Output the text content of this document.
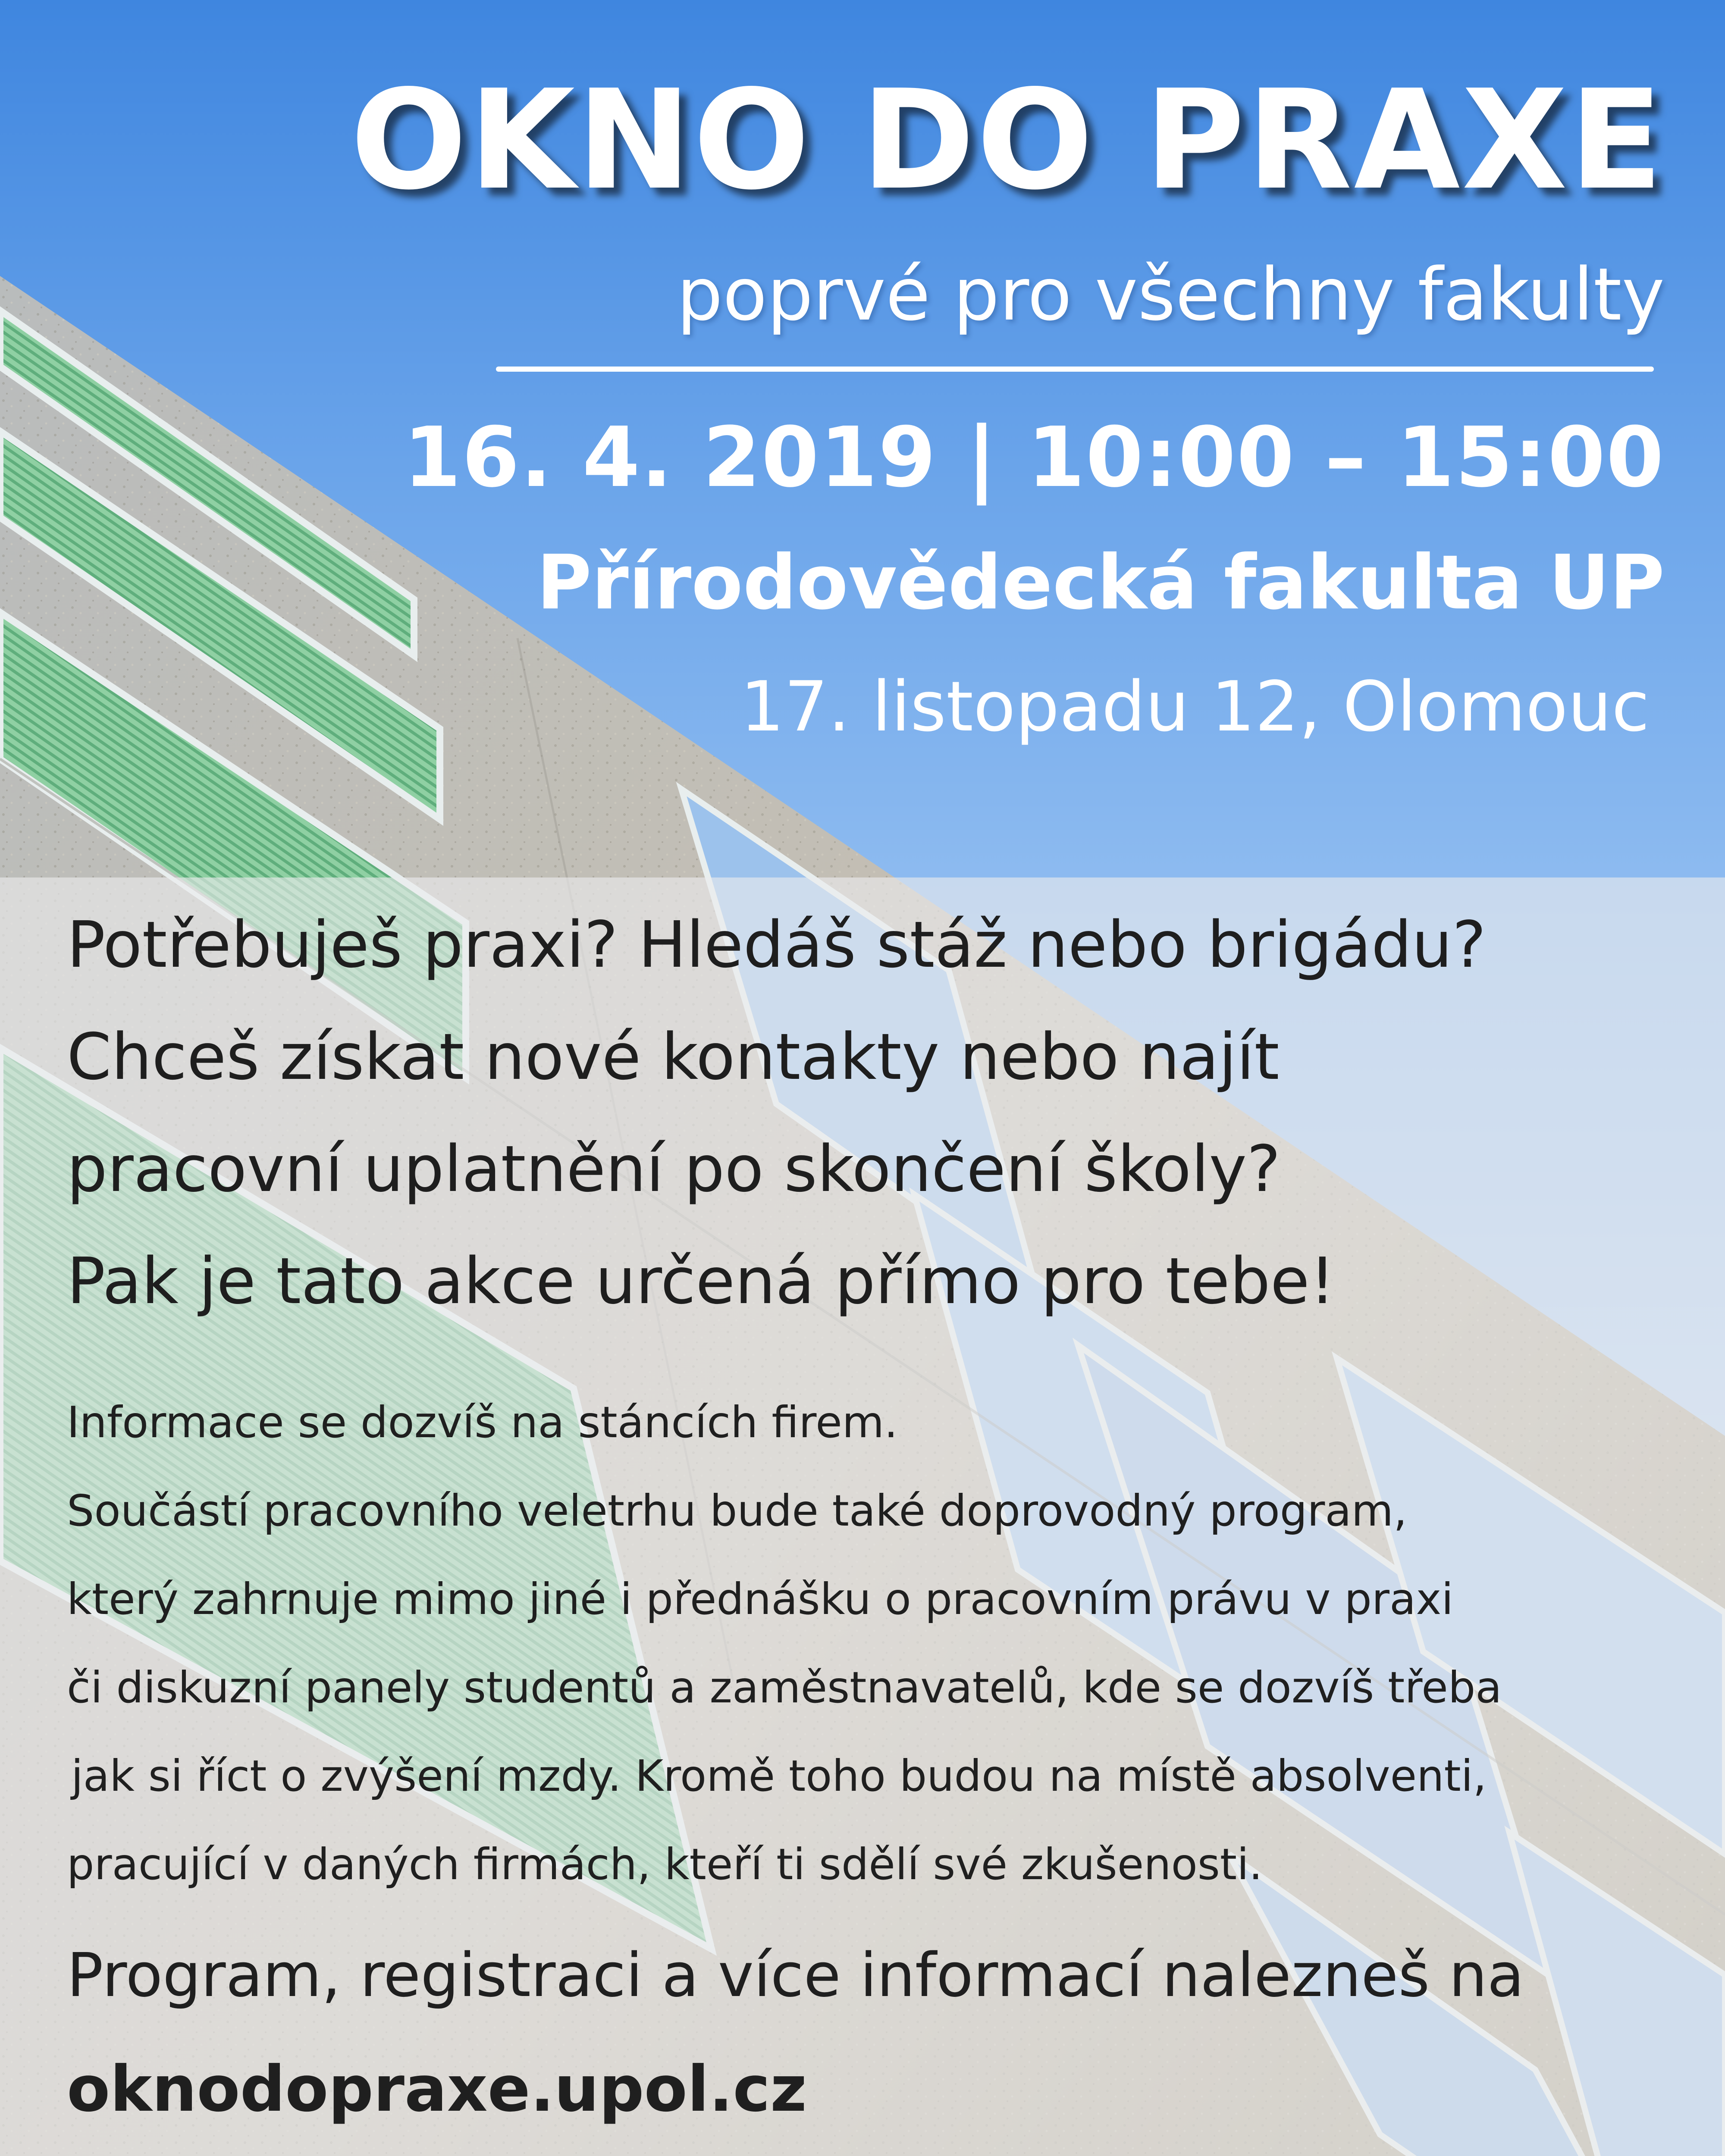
OKNO DO PRAXE
poprvé pro všechny fakulty
16. 4. 2019 | 10:00 – 15:00
Přírodovědecká fakulta UP
17. listopadu 12, Olomouc
Potřebuješ praxi? Hledáš stáž nebo brigádu?
Chceš získat nové kontakty nebo najít
pracovní uplatnění po skončení školy?
Pak je tato akce určená přímo pro tebe!
Informace se dozvíš na stáncích firem.
Součástí pracovního veletrhu bude také doprovodný program,
který zahrnuje mimo jiné i přednášku o pracovním právu v praxi
či diskuzní panely studentů a zaměstnavatelů, kde se dozvíš třeba
jak si říct o zvýšení mzdy. Kromě toho budou na místě absolventi,
pracující v daných firmách, kteří ti sdělí své zkušenosti.
Program, registraci a více informací nalezneš na
oknodopraxe.upol.cz
